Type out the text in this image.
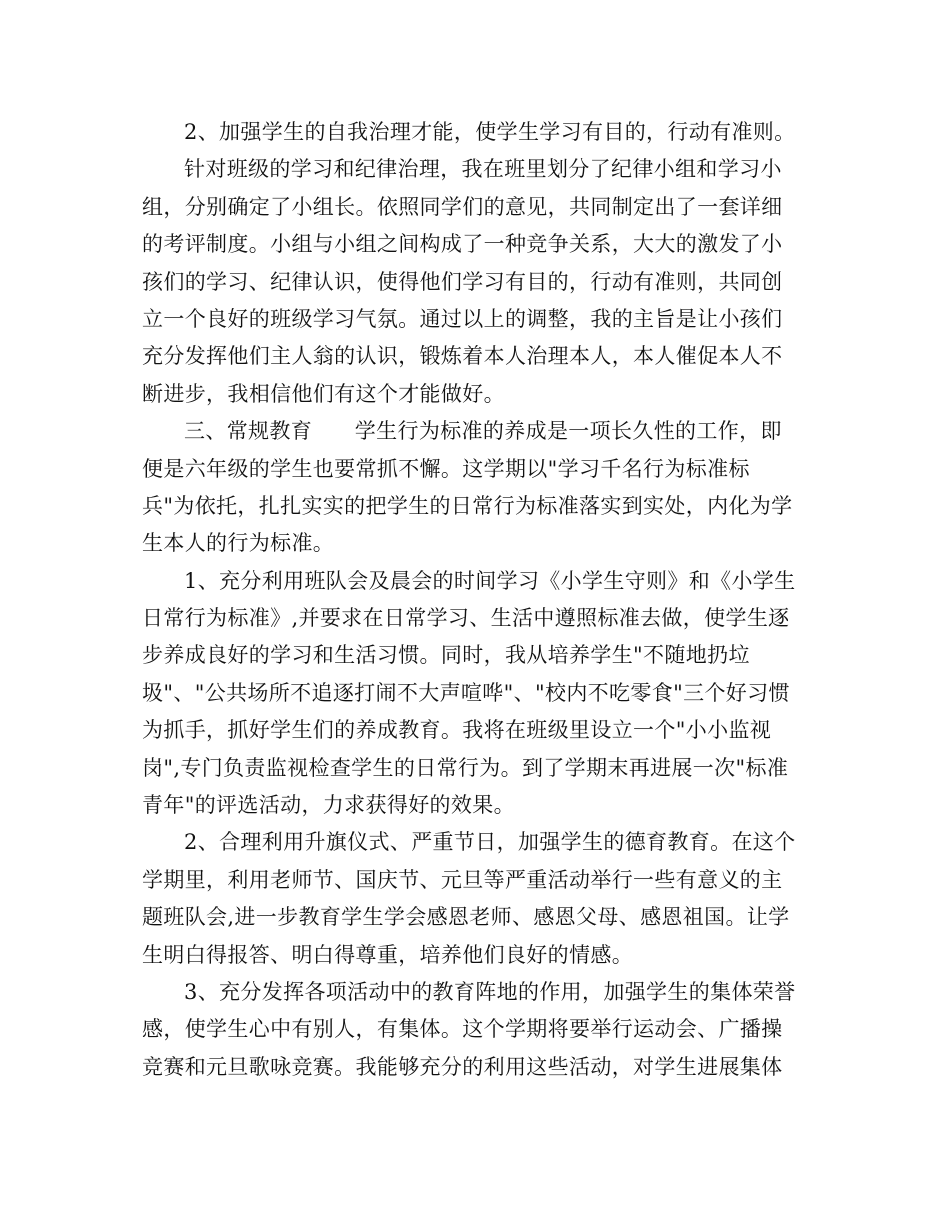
2、加强学生的自我治理才能，使学生学习有目的，行动有准则。
针对班级的学习和纪律治理，我在班里划分了纪律小组和学习小
组，分别确定了小组长。依照同学们的意见，共同制定出了一套详细
的考评制度。小组与小组之间构成了一种竞争关系，大大的激发了小
孩们的学习、纪律认识，使得他们学习有目的，行动有准则，共同创
立一个良好的班级学习气氛。通过以上的调整，我的主旨是让小孩们
充分发挥他们主人翁的认识，锻炼着本人治理本人，本人催促本人不
断进步，我相信他们有这个才能做好。
三、常规教育　　学生行为标准的养成是一项长久性的工作，即
便是六年级的学生也要常抓不懈。这学期以"学习千名行为标准标
兵"为依托，扎扎实实的把学生的日常行为标准落实到实处，内化为学
生本人的行为标准。
1、充分利用班队会及晨会的时间学习《小学生守则》和《小学生
日常行为标准》,并要求在日常学习、生活中遵照标准去做，使学生逐
步养成良好的学习和生活习惯。同时，我从培养学生"不随地扔垃
圾"、"公共场所不追逐打闹不大声喧哗"、"校内不吃零食"三个好习惯
为抓手，抓好学生们的养成教育。我将在班级里设立一个"小小监视
岗",专门负责监视检查学生的日常行为。到了学期末再进展一次"标准
青年"的评选活动，力求获得好的效果。
2、合理利用升旗仪式、严重节日，加强学生的德育教育。在这个
学期里，利用老师节、国庆节、元旦等严重活动举行一些有意义的主
题班队会,进一步教育学生学会感恩老师、感恩父母、感恩祖国。让学
生明白得报答、明白得尊重，培养他们良好的情感。
3、充分发挥各项活动中的教育阵地的作用，加强学生的集体荣誉
感，使学生心中有别人，有集体。这个学期将要举行运动会、广播操
竞赛和元旦歌咏竞赛。我能够充分的利用这些活动，对学生进展集体
